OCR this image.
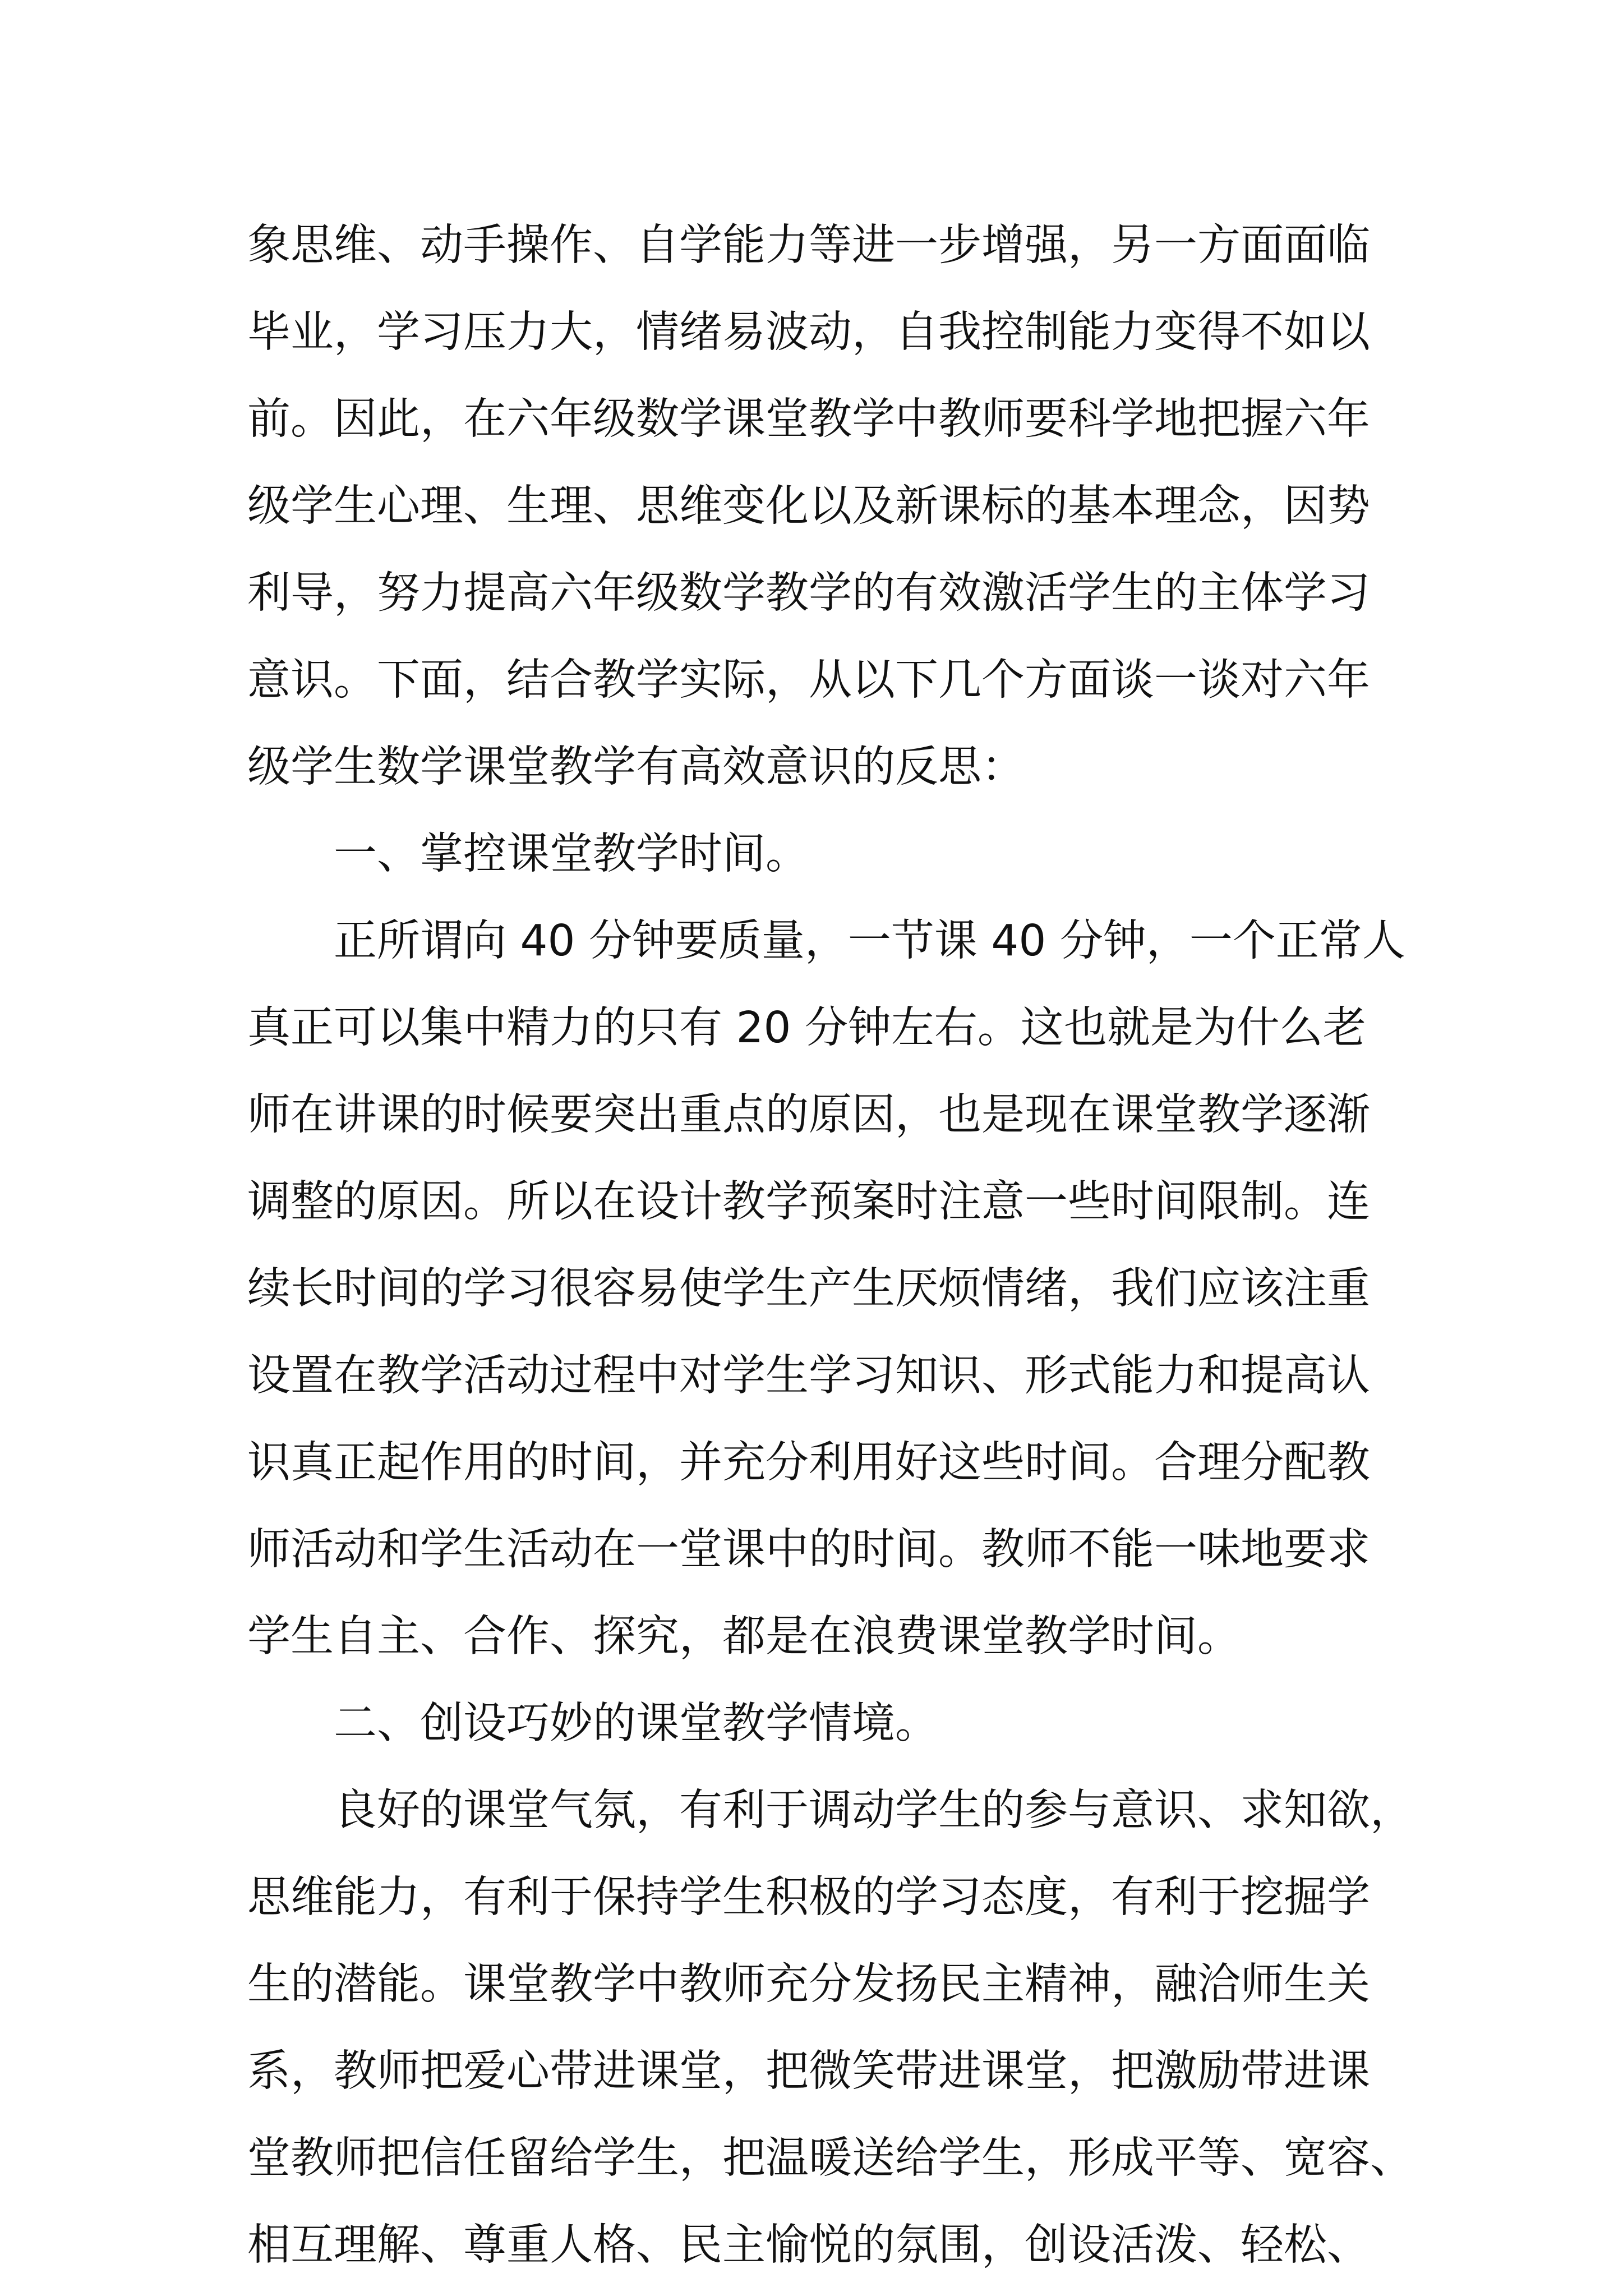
象思维、动手操作、自学能力等进一步增强，另一方面面临
毕业，学习压力大，情绪易波动，自我控制能力变得不如以
前。因此，在六年级数学课堂教学中教师要科学地把握六年
级学生心理、生理、思维变化以及新课标的基本理念，因势
利导，努力提高六年级数学教学的有效激活学生的主体学习
意识。下面，结合教学实际，从以下几个方面谈一谈对六年
级学生数学课堂教学有高效意识的反思：
一、掌控课堂教学时间。
正所谓向 40 分钟要质量，一节课 40 分钟，一个正常人
真正可以集中精力的只有 20 分钟左右。这也就是为什么老
师在讲课的时候要突出重点的原因，也是现在课堂教学逐渐
调整的原因。所以在设计教学预案时注意一些时间限制。连
续长时间的学习很容易使学生产生厌烦情绪，我们应该注重
设置在教学活动过程中对学生学习知识、形式能力和提高认
识真正起作用的时间，并充分利用好这些时间。合理分配教
师活动和学生活动在一堂课中的时间。教师不能一味地要求
学生自主、合作、探究，都是在浪费课堂教学时间。
二、创设巧妙的课堂教学情境。
良好的课堂气氛，有利于调动学生的参与意识、求知欲，
思维能力，有利于保持学生积极的学习态度，有利于挖掘学
生的潜能。课堂教学中教师充分发扬民主精神，融洽师生关
系，教师把爱心带进课堂，把微笑带进课堂，把激励带进课
堂教师把信任留给学生，把温暖送给学生，形成平等、宽容、
相互理解、尊重人格、民主愉悦的氛围，创设活泼、轻松、
